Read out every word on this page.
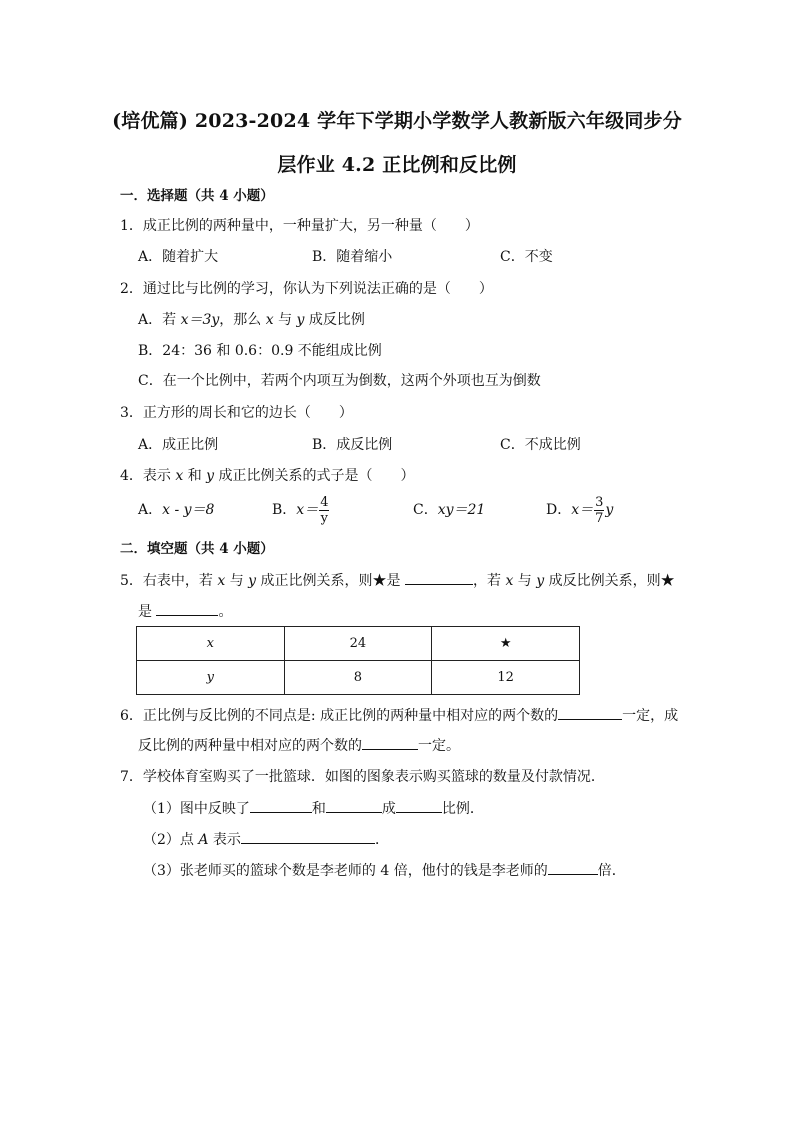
(培优篇) 2023-2024 学年下学期小学数学人教新版六年级同步分
层作业 4.2 正比例和反比例
一．选择题（共 4 小题）
1．成正比例的两种量中，一种量扩大，另一种量（　　）
A．随着扩大	B．随着缩小	C．不变
2．通过比与比例的学习，你认为下列说法正确的是（　　）
A．若 x＝3y，那么 x 与 y 成反比例
B．24：36 和 0.6：0.9 不能组成比例
C．在一个比例中，若两个内项互为倒数，这两个外项也互为倒数
3．正方形的周长和它的边长（　　）
A．成正比例	B．成反比例	C．不成比例
4．表示 x 和 y 成正比例关系的式子是（　　）
A．x - y＝8	B．$x= \frac{4}{y}$	C．xy＝21	D．$x= \frac{3}{7}$ y
二．填空题（共 4 小题）
5．右表中，若 x 与 y 成正比例关系，则★是	，若 x 与 y 成反比例关系，则★
是	。
x	24	★
y	8	12
6．正比例与反比例的不同点是: 成正比例的两种量中相对应的两个数的	一定，成
反比例的两种量中相对应的两个数的	一定。
7．学校体育室购买了一批篮球．如图的图象表示购买篮球的数量及付款情况．
（1）图中反映了	和	成	比例．
（2）点 A 表示	．
（3）张老师买的篮球个数是李老师的 4 倍，他付的钱是李老师的	倍．
